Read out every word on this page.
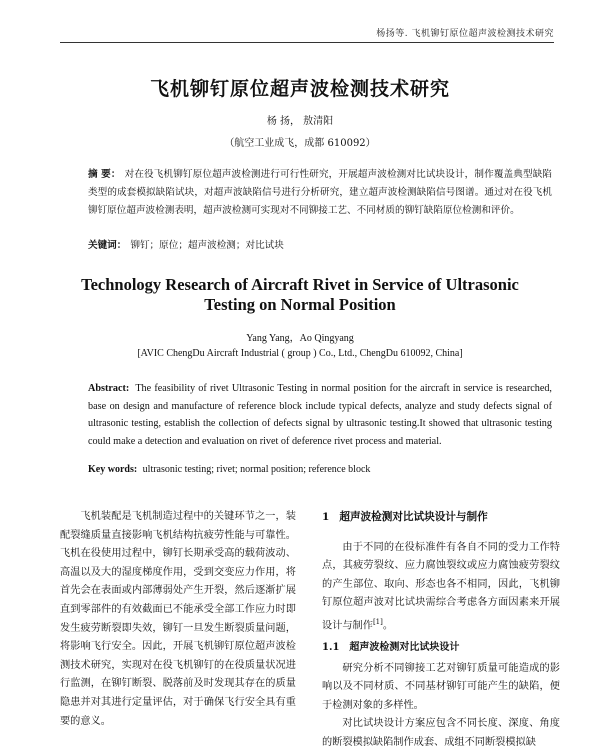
杨扬等. 飞机铆钉原位超声波检测技术研究
飞机铆钉原位超声波检测技术研究
杨 扬， 敖清阳
（航空工业成飞，成都 610092）
摘 要： 对在役飞机铆钉原位超声波检测进行可行性研究，开展超声波检测对比试块设计，制作覆盖典型缺陷类型的成套模拟缺陷试块，对超声波缺陷信号进行分析研究，建立超声波检测缺陷信号图谱。通过对在役飞机铆钉原位超声波检测表明，超声波检测可实现对不同铆接工艺、不同材质的铆钉缺陷原位检测和评价。
关键词： 铆钉；原位；超声波检测；对比试块
Technology Research of Aircraft Rivet in Service of Ultrasonic Testing on Normal Position
Yang Yang，Ao Qingyang
[AVIC ChengDu Aircraft Industrial ( group ) Co., Ltd., ChengDu 610092, China]
Abstract: The feasibility of rivet Ultrasonic Testing in normal position for the aircraft in service is researched, base on design and manufacture of reference block include typical defects, analyze and study defects signal of ultrasonic testing, establish the collection of defects signal by ultrasonic testing.It showed that ultrasonic testing could make a detection and evaluation on rivet of deference rivet process and material.
Key words: ultrasonic testing; rivet; normal position; reference block

飞机装配是飞机制造过程中的关键环节之一，装配裂缝质量直接影响飞机结构抗疲劳性能与可靠性。飞机在役使用过程中，铆钉长期承受高的载荷波动、高温以及大的湿度梯度作用，受到交变应力作用，将首先会在表面或内部薄弱处产生开裂，然后逐渐扩展直到零部件的有效截面已不能承受全部工作应力时即发生疲劳断裂即失效，铆钉一旦发生断裂质量问题，将影响飞行安全。因此，开展飞机铆钉原位超声波检测技术研究，实现对在役飞机铆钉的在役质量状况进行监测，在铆钉断裂、脱落前及时发现其存在的质量隐患并对其进行定量评估，对于确保飞行安全具有重要的意义。

1 超声波检测对比试块设计与制作

由于不同的在役标准件有各自不同的受力工作特点，其疲劳裂纹、应力腐蚀裂纹或应力腐蚀疲劳裂纹的产生部位、取向、形态也各不相同，因此，飞机铆钉原位超声波对比试块需综合考虑各方面因素来开展设计与制作[1]。

1.1 超声波检测对比试块设计

研究分析不同铆接工艺对铆钉质量可能造成的影响以及不同材质、不同基材铆钉可能产生的缺陷，便于检测对象的多样性。

对比试块设计方案应包含不同长度、深度、角度的断裂模拟缺陷制作成套、成组不同断裂模拟缺
